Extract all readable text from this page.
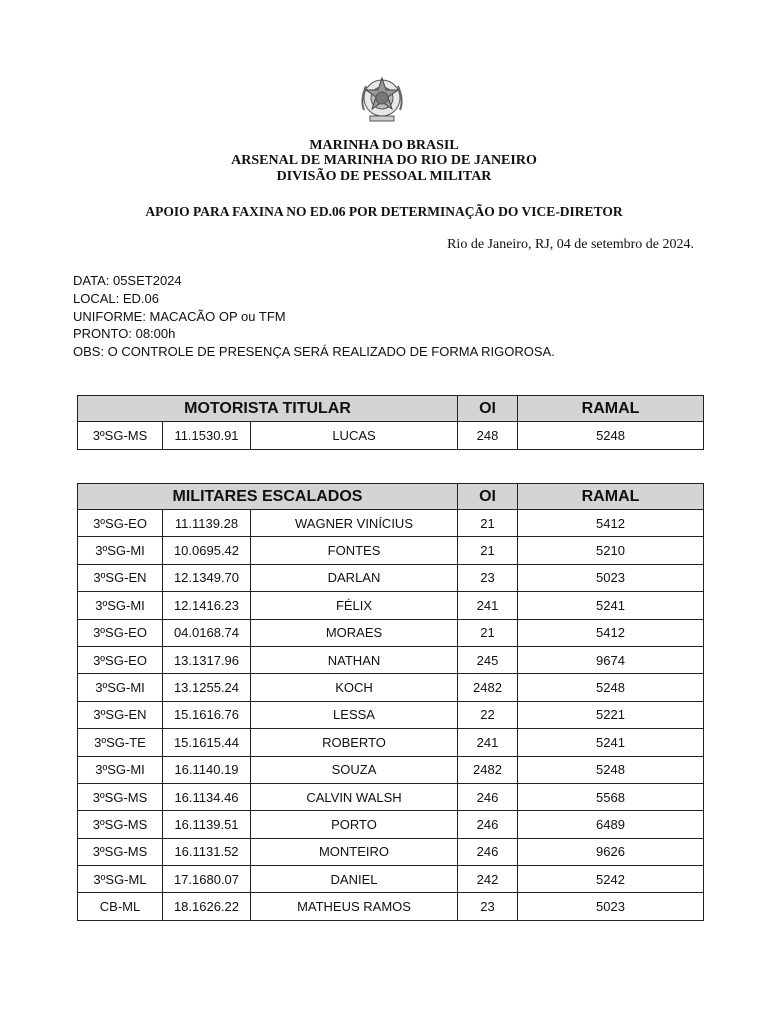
MARINHA DO BRASIL
ARSENAL DE MARINHA DO RIO DE JANEIRO
DIVISÃO DE PESSOAL MILITAR
APOIO PARA FAXINA NO ED.06 POR DETERMINAÇÃO DO VICE-DIRETOR
Rio de Janeiro, RJ, 04 de setembro de 2024.
DATA: 05SET2024
LOCAL: ED.06
UNIFORME: MACACÃO OP ou TFM
PRONTO: 08:00h
OBS: O CONTROLE DE PRESENÇA SERÁ REALIZADO DE FORMA RIGOROSA.
MOTORISTA TITULAR			OI	RAMAL
3ºSG-MS	11.1530.91	LUCAS	248	5248
MILITARES ESCALADOS			OI	RAMAL
3ºSG-EO	11.1139.28	WAGNER VINÍCIUS	21	5412
3ºSG-MI	10.0695.42	FONTES	21	5210
3ºSG-EN	12.1349.70	DARLAN	23	5023
3ºSG-MI	12.1416.23	FÉLIX	241	5241
3ºSG-EO	04.0168.74	MORAES	21	5412
3ºSG-EO	13.1317.96	NATHAN	245	9674
3ºSG-MI	13.1255.24	KOCH	2482	5248
3ºSG-EN	15.1616.76	LESSA	22	5221
3ºSG-TE	15.1615.44	ROBERTO	241	5241
3ºSG-MI	16.1140.19	SOUZA	2482	5248
3ºSG-MS	16.1134.46	CALVIN WALSH	246	5568
3ºSG-MS	16.1139.51	PORTO	246	6489
3ºSG-MS	16.1131.52	MONTEIRO	246	9626
3ºSG-ML	17.1680.07	DANIEL	242	5242
CB-ML	18.1626.22	MATHEUS RAMOS	23	5023
